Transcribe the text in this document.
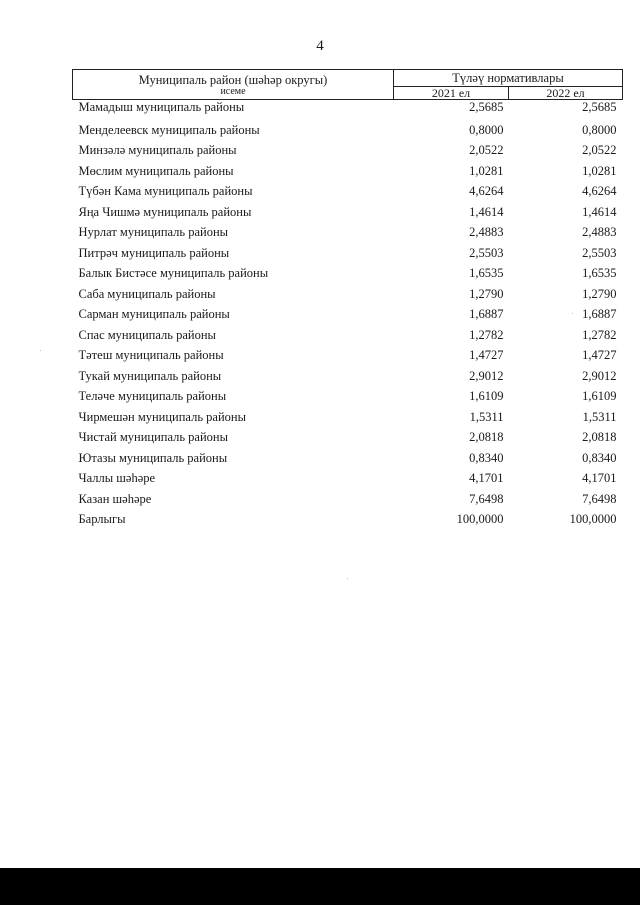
4
Муниципаль район (шәһәр округы)	Түләү нормативлары	
исеме	2021 ел	2022 ел
Мамадыш муниципаль районы	2,5685	2,5685
Менделеевск муниципаль районы	0,8000	0,8000
Минзәлә муниципаль районы	2,0522	2,0522
Мөслим муниципаль районы	1,0281	1,0281
Түбән Кама муниципаль районы	4,6264	4,6264
Яңа Чишмә муниципаль районы	1,4614	1,4614
Нурлат муниципаль районы	2,4883	2,4883
Питрәч муниципаль районы	2,5503	2,5503
Балык Бистәсе муниципаль районы	1,6535	1,6535
Саба муниципаль районы	1,2790	1,2790
Сарман муниципаль районы	1,6887	1,6887
Спас муниципаль районы	1,2782	1,2782
Тәтеш муниципаль районы	1,4727	1,4727
Тукай муниципаль районы	2,9012	2,9012
Теләче муниципаль районы	1,6109	1,6109
Чирмешән муниципаль районы	1,5311	1,5311
Чистай муниципаль районы	2,0818	2,0818
Ютазы муниципаль районы	0,8340	0,8340
Чаллы шәһәре	4,1701	4,1701
Казан шәһәре	7,6498	7,6498
Барлыгы	100,0000	100,0000
